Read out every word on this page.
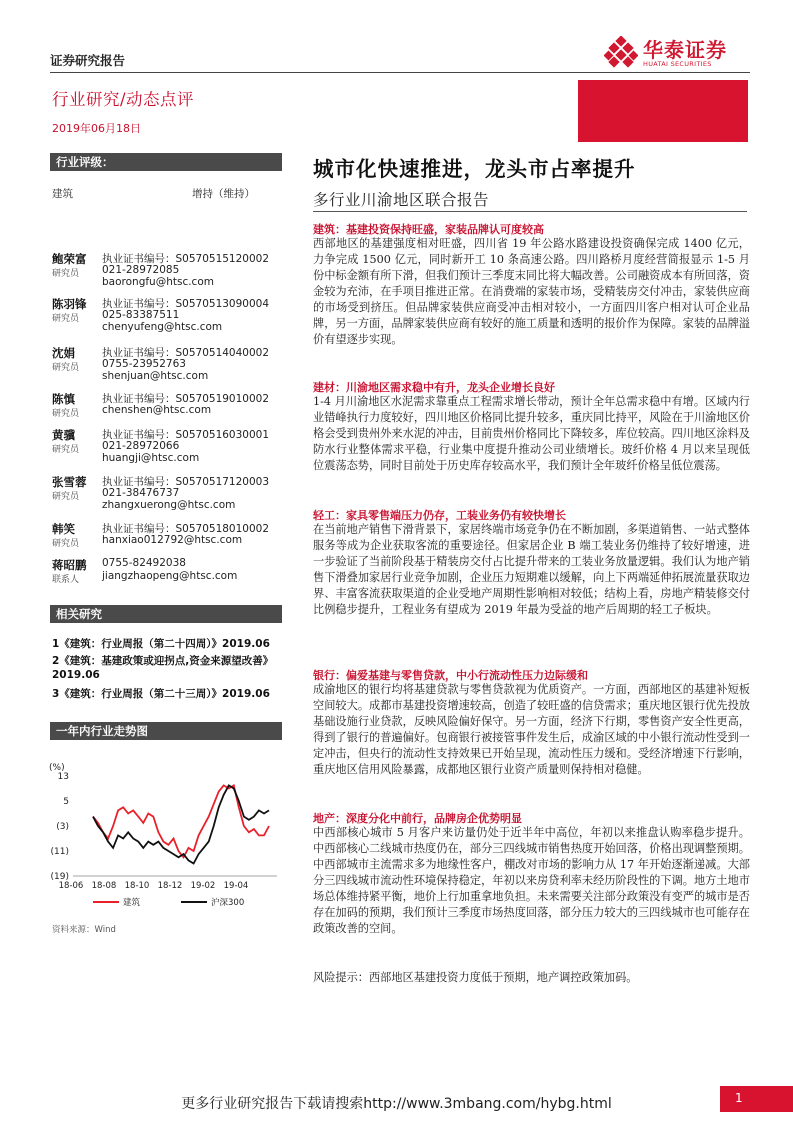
证券研究报告
行业研究/动态点评
2019年06月18日
华泰证券
HUATAI SECURITIES
行业评级：
建筑	增持（维持）
鲍荣富
研究员
执业证书编号：S0570515120002
021-28972085
baorongfu@htsc.com
陈羽锋
研究员
执业证书编号：S0570513090004
025-83387511
chenyufeng@htsc.com
沈娟
研究员
执业证书编号：S0570514040002
0755-23952763
shenjuan@htsc.com
陈慎
研究员
执业证书编号：S0570519010002
chenshen@htsc.com
黄骥
研究员
执业证书编号：S0570516030001
021-28972066
huangji@htsc.com
张雪蓉
研究员
执业证书编号：S0570517120003
021-38476737
zhangxuerong@htsc.com
韩笑
研究员
执业证书编号：S0570518010002
hanxiao012792@htsc.com
蒋昭鹏
联系人
0755-82492038
jiangzhaopeng@htsc.com
相关研究
1《建筑：行业周报（第二十四周）》2019.06
2《建筑：基建政策或迎拐点,资金来源望改善》2019.06
3《建筑：行业周报（第二十三周）》2019.06
一年内行业走势图
(%)
13
5
(3)
(11)
(19)
18-06 18-08 18-10 18-12 19-02 19-04
建筑	沪深300
资料来源：Wind
城市化快速推进，龙头市占率提升
多行业川渝地区联合报告
建筑：基建投资保持旺盛，家装品牌认可度较高
西部地区的基建强度相对旺盛，四川省 19 年公路水路建设投资确保完成 1400 亿元，力争完成 1500 亿元，同时新开工 10 条高速公路。四川路桥月度经营简报显示 1-5 月份中标金额有所下滑，但我们预计三季度末同比将大幅改善。公司融资成本有所回落，资金较为充沛，在手项目推进正常。在消费端的家装市场，受精装房交付冲击，家装供应商的市场受到挤压。但品牌家装供应商受冲击相对较小，一方面四川客户相对认可企业品牌，另一方面，品牌家装供应商有较好的施工质量和透明的报价作为保障。家装的品牌溢价有望逐步实现。
建材：川渝地区需求稳中有升，龙头企业增长良好
1-4 月川渝地区水泥需求靠重点工程需求增长带动，预计全年总需求稳中有增。区域内行业错峰执行力度较好，四川地区价格同比提升较多，重庆同比持平，风险在于川渝地区价格会受到贵州外来水泥的冲击，目前贵州价格同比下降较多，库位较高。四川地区涂料及防水行业整体需求平稳，行业集中度提升推动公司业绩增长。玻纤价格 4 月以来呈现低位震荡态势，同时目前处于历史库存较高水平，我们预计全年玻纤价格呈低位震荡。
轻工：家具零售端压力仍存，工装业务仍有较快增长
在当前地产销售下滑背景下，家居终端市场竞争仍在不断加剧，多渠道销售、一站式整体服务等成为企业获取客流的重要途径。但家居企业 B 端工装业务仍维持了较好增速，进一步验证了当前阶段基于精装房交付占比提升带来的工装业务放量逻辑。我们认为地产销售下滑叠加家居行业竞争加剧，企业压力短期难以缓解，向上下两端延伸拓展流量获取边界、丰富客流获取渠道的企业受地产周期性影响相对较低；结构上看，房地产精装修交付比例稳步提升，工程业务有望成为 2019 年最为受益的地产后周期的轻工子板块。
银行：偏爱基建与零售贷款，中小行流动性压力边际缓和
成渝地区的银行均将基建贷款与零售贷款视为优质资产。一方面，西部地区的基建补短板空间较大。成都市基建投资增速较高，创造了较旺盛的信贷需求；重庆地区银行优先投放基础设施行业贷款，反映风险偏好保守。另一方面，经济下行期，零售资产安全性更高，得到了银行的普遍偏好。包商银行被接管事件发生后，成渝区域的中小银行流动性受到一定冲击，但央行的流动性支持效果已开始呈现，流动性压力缓和。受经济增速下行影响，重庆地区信用风险暴露，成都地区银行业资产质量则保持相对稳健。
地产：深度分化中前行，品牌房企优势明显
中西部核心城市 5 月客户来访量仍处于近半年中高位，年初以来推盘认购率稳步提升。中西部核心二线城市热度仍在，部分三四线城市销售热度开始回落，价格出现调整预期。中西部城市主流需求多为地缘性客户，棚改对市场的影响力从 17 年开始逐渐递减。大部分三四线城市流动性环境保持稳定，年初以来房贷利率未经历阶段性的下调。地方土地市场总体维持紧平衡，地价上行加重拿地负担。未来需要关注部分政策没有变严的城市是否存在加码的预期，我们预计三季度市场热度回落，部分压力较大的三四线城市也可能存在政策改善的空间。
风险提示：西部地区基建投资力度低于预期，地产调控政策加码。
更多行业研究报告下载请搜索http://www.3mbang.com/hybg.html	1
